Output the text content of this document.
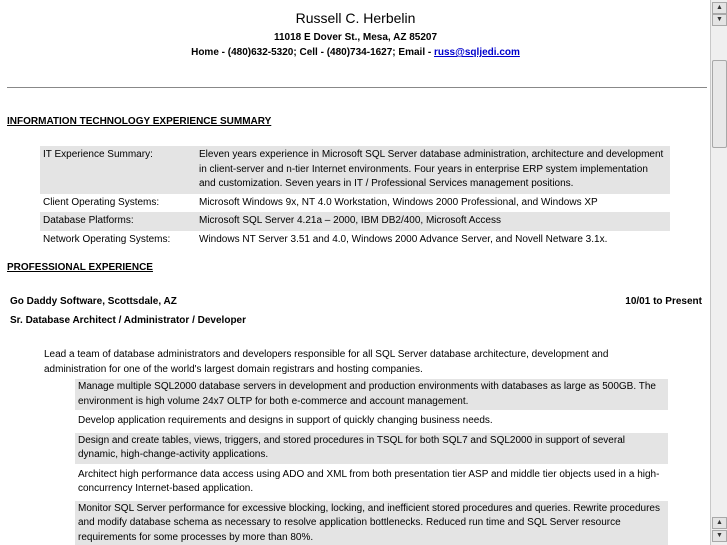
Russell C. Herbelin
11018 E Dover St., Mesa, AZ 85207
Home - (480)632-5320; Cell - (480)734-1627; Email - russ@sqljedi.com
INFORMATION TECHNOLOGY EXPERIENCE SUMMARY
IT Experience Summary:	Eleven years experience in Microsoft SQL Server database administration, architecture and development in client-server and n-tier Internet environments. Four years in enterprise ERP system implementation and customization. Seven years in IT / Professional Services management positions.
Client Operating Systems:	Microsoft Windows 9x, NT 4.0 Workstation, Windows 2000 Professional, and Windows XP
Database Platforms:	Microsoft SQL Server 4.21a – 2000, IBM DB2/400, Microsoft Access
Network Operating Systems:	Windows NT Server 3.51 and 4.0, Windows 2000 Advance Server, and Novell Netware 3.1x.
PROFESSIONAL EXPERIENCE
Go Daddy Software, Scottsdale, AZ	10/01 to Present
Sr. Database Architect / Administrator / Developer
Lead a team of database administrators and developers responsible for all SQL Server database architecture, development and administration for one of the world's largest domain registrars and hosting companies.
Manage multiple SQL2000 database servers in development and production environments with databases as large as 500GB. The environment is high volume 24x7 OLTP for both e-commerce and account management.
Develop application requirements and designs in support of quickly changing business needs.
Design and create tables, views, triggers, and stored procedures in TSQL for both SQL7 and SQL2000 in support of several dynamic, high-change-activity applications.
Architect high performance data access using ADO and XML from both presentation tier ASP and middle tier objects used in a high-concurrency Internet-based application.
Monitor SQL Server performance for excessive blocking, locking, and inefficient stored procedures and queries. Rewrite procedures and modify database schema as necessary to resolve application bottlenecks. Reduced run time and SQL Server resource requirements for some processes by more than 80%.
▲
▼
▲
▼
